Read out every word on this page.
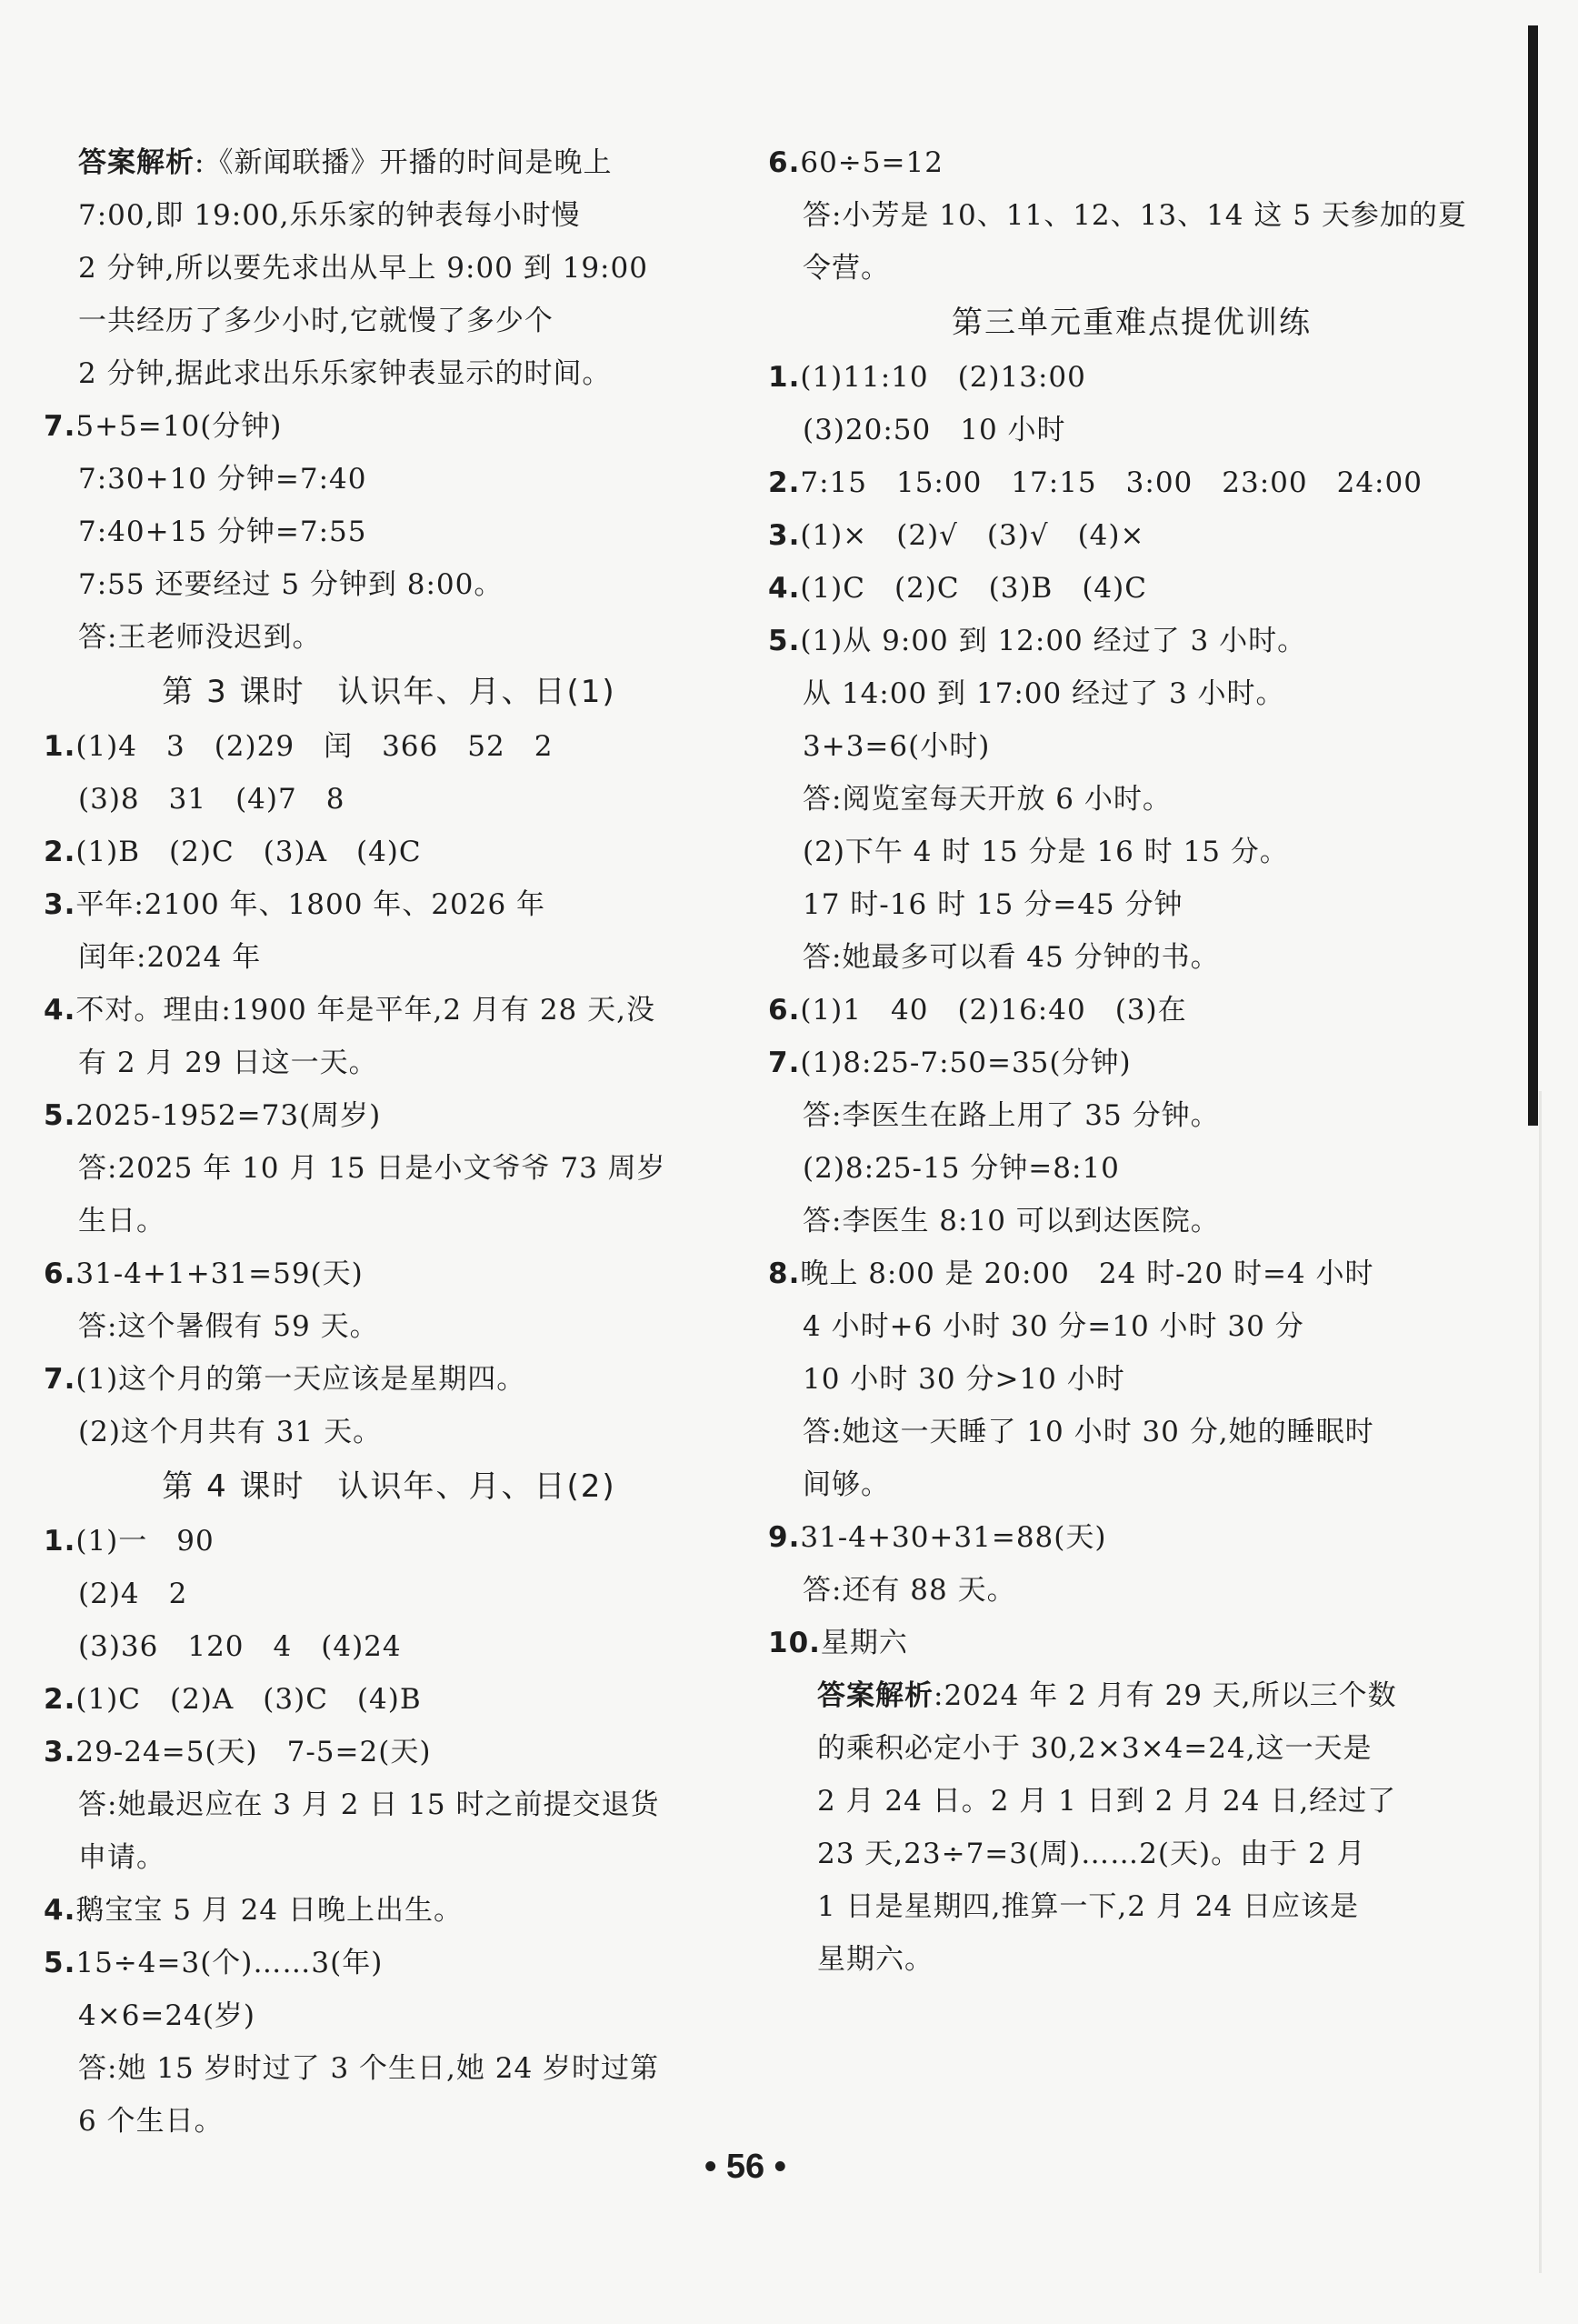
答案解析:《新闻联播》开播的时间是晚上
7:00,即 19:00,乐乐家的钟表每小时慢
2 分钟,所以要先求出从早上 9:00 到 19:00
一共经历了多少小时,它就慢了多少个
2 分钟,据此求出乐乐家钟表显示的时间。
7.5+5=10(分钟)
7:30+10 分钟=7:40
7:40+15 分钟=7:55
7:55 还要经过 5 分钟到 8:00。
答:王老师没迟到。
第 3 课时　认识年、月、日(1)
1.(1)4　3　(2)29　闰　366　52　2
(3)8　31　(4)7　8
2.(1)B　(2)C　(3)A　(4)C
3.平年:2100 年、1800 年、2026 年
闰年:2024 年
4.不对。理由:1900 年是平年,2 月有 28 天,没
有 2 月 29 日这一天。
5.2025-1952=73(周岁)
答:2025 年 10 月 15 日是小文爷爷 73 周岁
生日。
6.31-4+1+31=59(天)
答:这个暑假有 59 天。
7.(1)这个月的第一天应该是星期四。
(2)这个月共有 31 天。
第 4 课时　认识年、月、日(2)
1.(1)一　90
(2)4　2
(3)36　120　4　(4)24
2.(1)C　(2)A　(3)C　(4)B
3.29-24=5(天)　7-5=2(天)
答:她最迟应在 3 月 2 日 15 时之前提交退货
申请。
4.鹅宝宝 5 月 24 日晚上出生。
5.15÷4=3(个)……3(年)
4×6=24(岁)
答:她 15 岁时过了 3 个生日,她 24 岁时过第
6 个生日。
6.60÷5=12
答:小芳是 10、11、12、13、14 这 5 天参加的夏
令营。
第三单元重难点提优训练
1.(1)11:10　(2)13:00
(3)20:50　10 小时
2.7:15　15:00　17:15　3:00　23:00　24:00
3.(1)×　(2)√　(3)√　(4)×
4.(1)C　(2)C　(3)B　(4)C
5.(1)从 9:00 到 12:00 经过了 3 小时。
从 14:00 到 17:00 经过了 3 小时。
3+3=6(小时)
答:阅览室每天开放 6 小时。
(2)下午 4 时 15 分是 16 时 15 分。
17 时-16 时 15 分=45 分钟
答:她最多可以看 45 分钟的书。
6.(1)1　40　(2)16:40　(3)在
7.(1)8:25-7:50=35(分钟)
答:李医生在路上用了 35 分钟。
(2)8:25-15 分钟=8:10
答:李医生 8:10 可以到达医院。
8.晚上 8:00 是 20:00　24 时-20 时=4 小时
4 小时+6 小时 30 分=10 小时 30 分
10 小时 30 分>10 小时
答:她这一天睡了 10 小时 30 分,她的睡眠时
间够。
9.31-4+30+31=88(天)
答:还有 88 天。
10.星期六
答案解析:2024 年 2 月有 29 天,所以三个数
的乘积必定小于 30,2×3×4=24,这一天是
2 月 24 日。2 月 1 日到 2 月 24 日,经过了
23 天,23÷7=3(周)……2(天)。由于 2 月
1 日是星期四,推算一下,2 月 24 日应该是
星期六。
• 56 •
